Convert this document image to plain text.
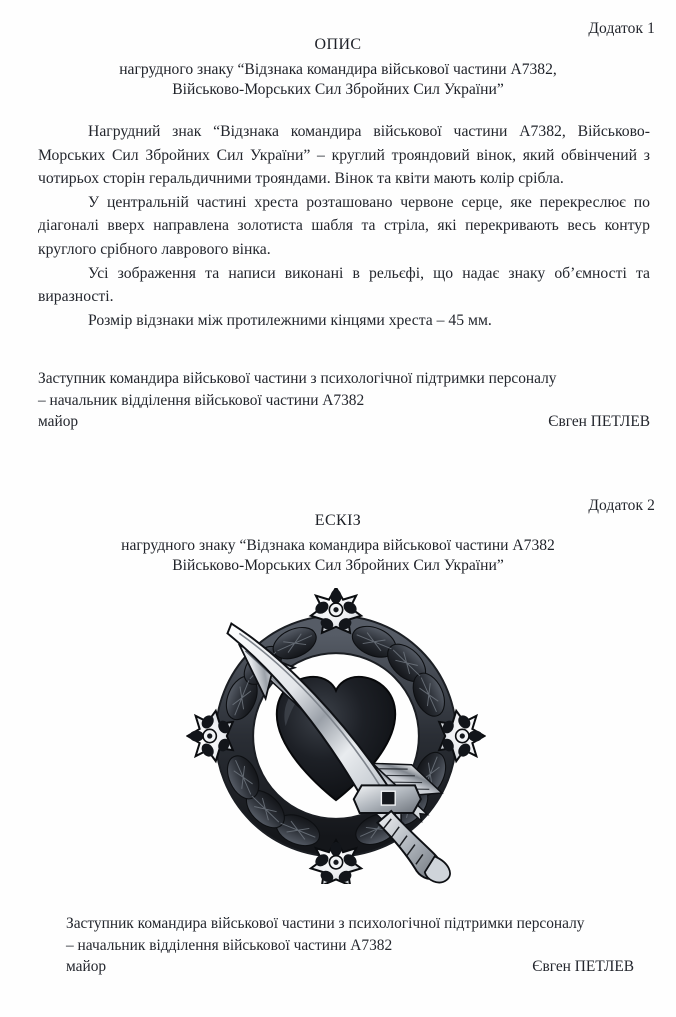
Додаток 1
ОПИС
нагрудного знаку “Відзнака командира військової частини А7382,
Військово-Морських Сил Збройних Сил України”

Нагрудний знак “Відзнака командира військової частини А7382, Військово-Морських Сил Збройних Сил України” – круглий трояндовий вінок, який обвінчений з чотирьох сторін геральдичними трояндами. Вінок та квіти мають колір срібла.

У центральній частині хреста розташовано червоне серце, яке перекреслює по діагоналі вверх направлена золотиста шабля та стріла, які перекривають весь контур круглого срібного лаврового вінка.

Усі зображення та написи виконані в рельєфі, що надає знаку об’ємності та виразності.

Розмір відзнаки між протилежними кінцями хреста – 45 мм.

Заступник командира військової частини з психологічної підтримки персоналу
– начальник відділення військової частини А7382
майор	Євген ПЕТЛЕВ
Додаток 2
ЕСКІЗ
нагрудного знаку “Відзнака командира військової частини А7382
Військово-Морських Сил Збройних Сил України”
Заступник командира військової частини з психологічної підтримки персоналу
– начальник відділення військової частини А7382
майор	Євген ПЕТЛЕВ
